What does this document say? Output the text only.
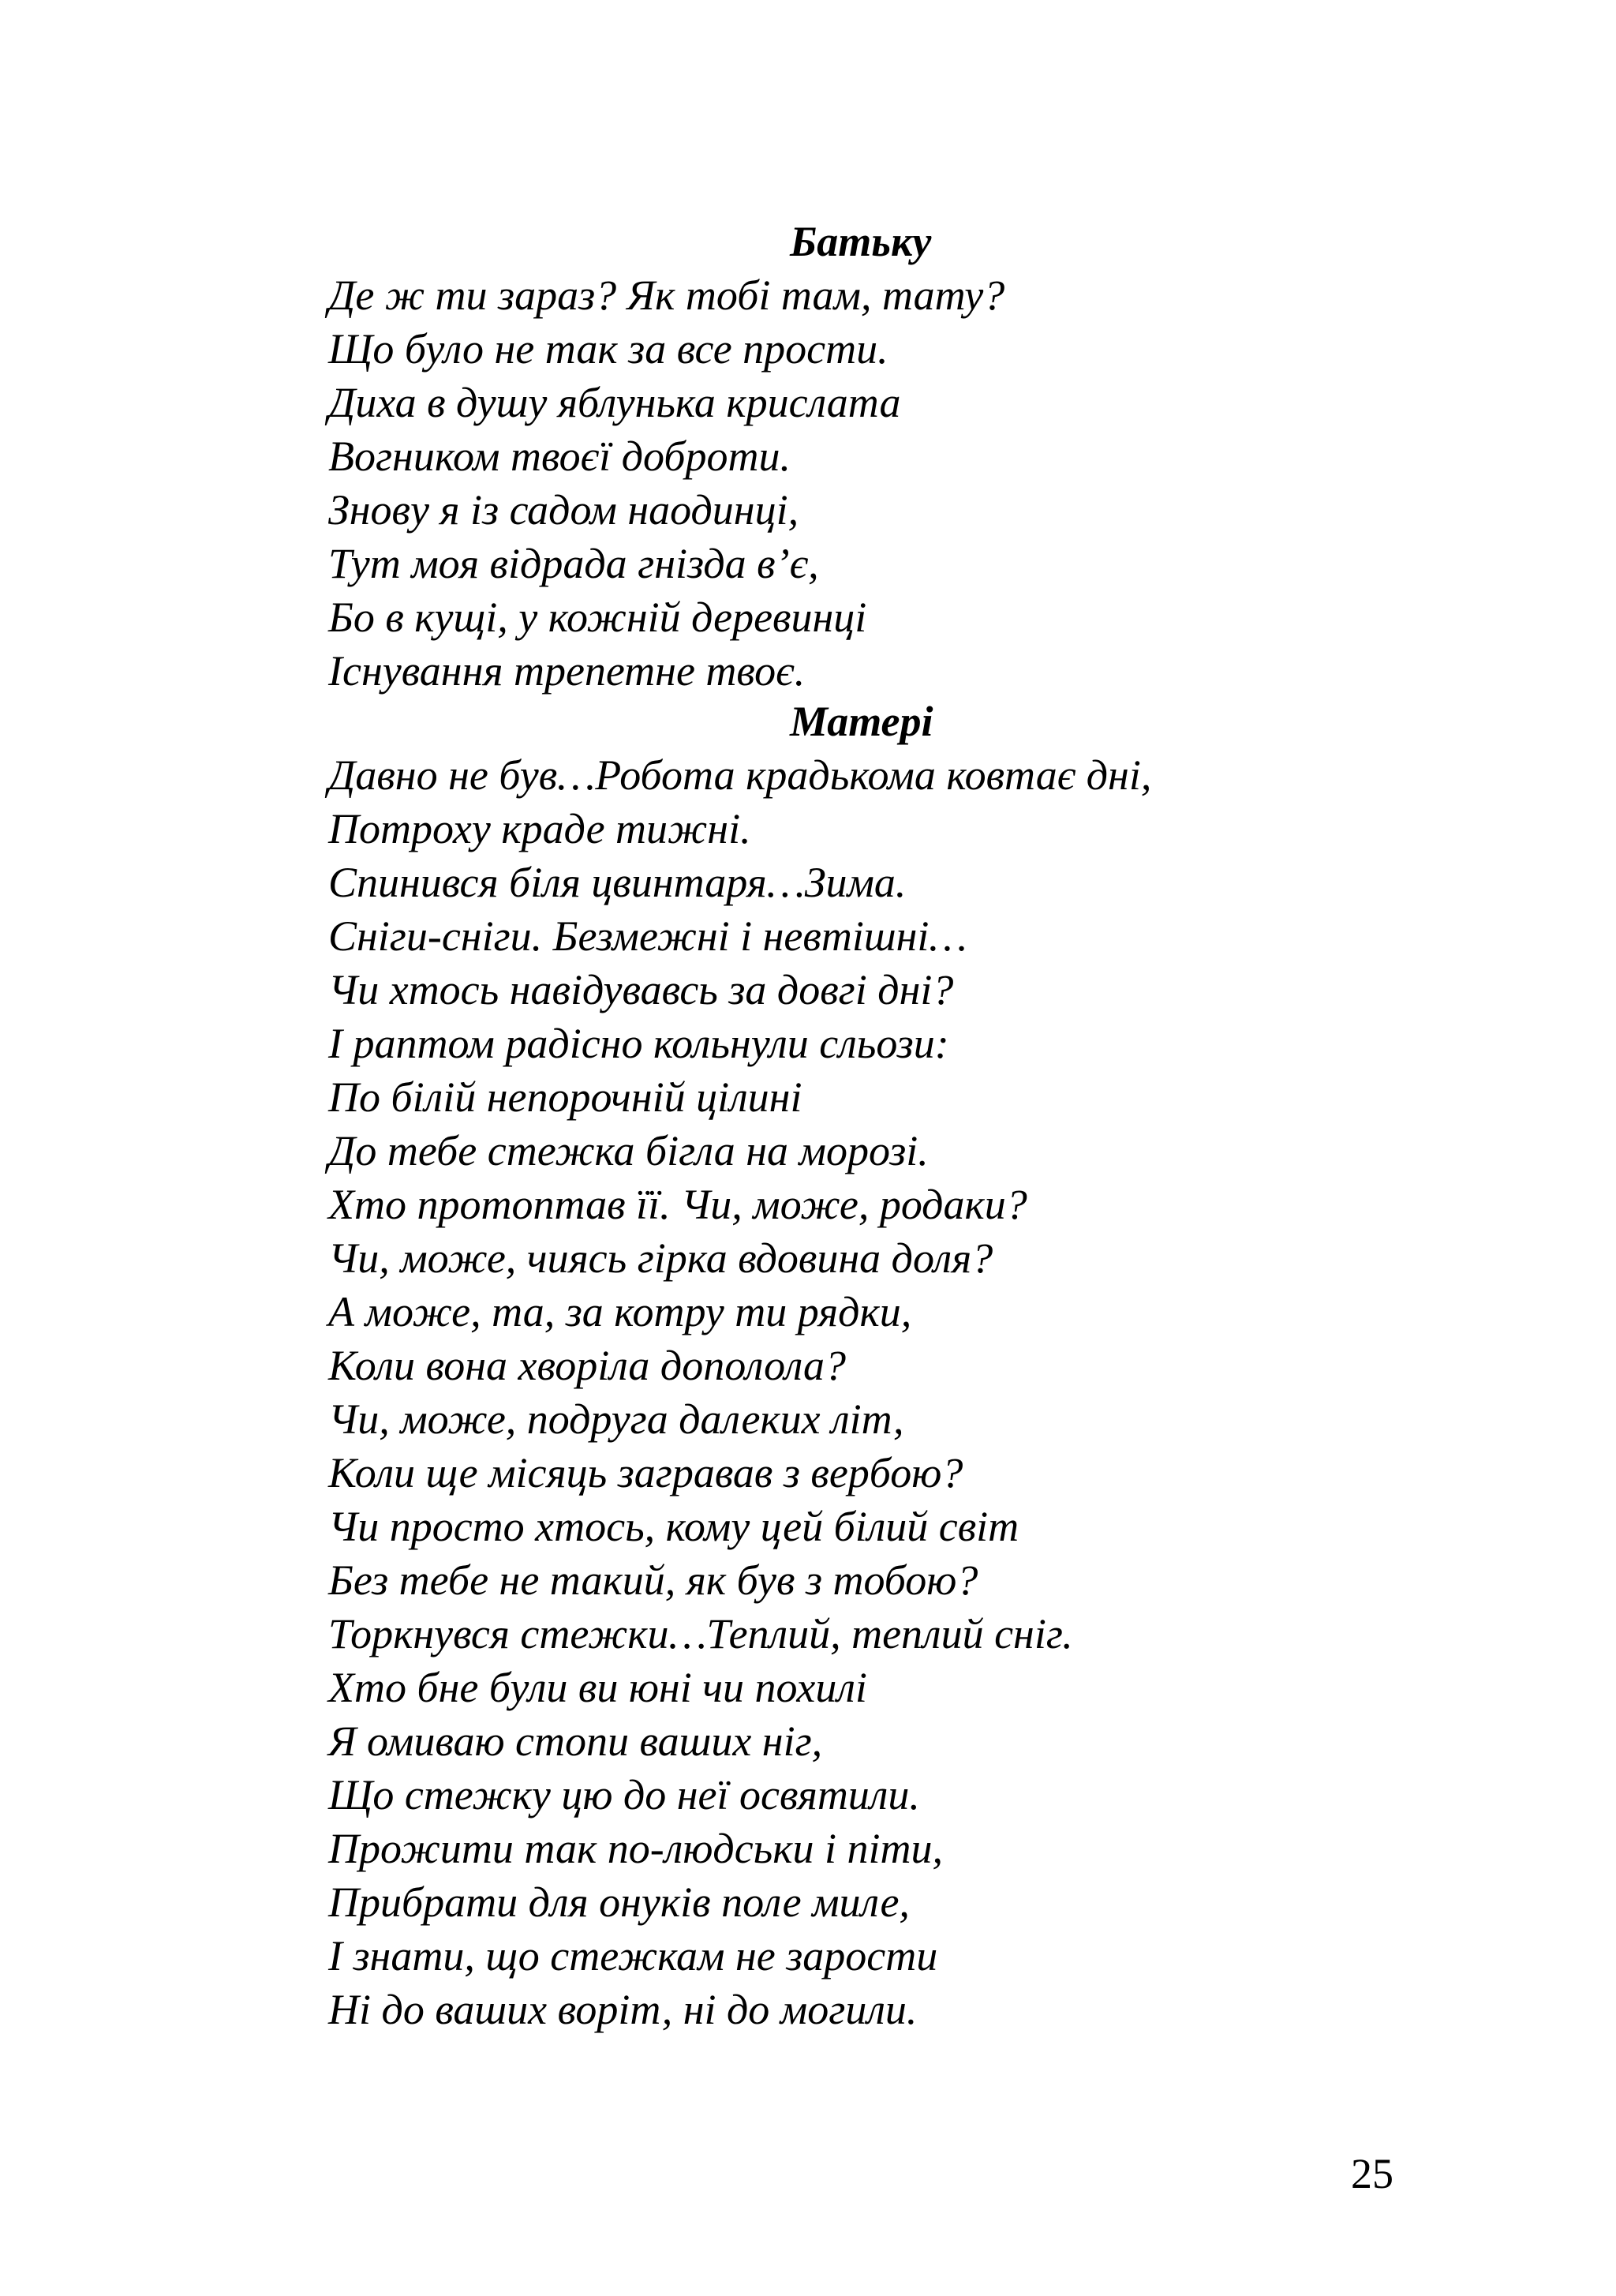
Батьку
Де ж ти зараз? Як тобі там, тату?
Що було не так за все прости.
Диха в душу яблунька крислата
Вогником твоєї доброти.
Знову я із садом наодинці,
Тут моя відрада гнізда в’є,
Бо в кущі, у кожній деревинці
Існування трепетне твоє.
Матері
Давно не був…Робота крадькома ковтає дні,
Потроху краде тижні.
Спинився біля цвинтаря…Зима.
Сніги-сніги. Безмежні і невтішні…
Чи хтось навідувавсь за довгі дні?
І раптом радісно кольнули сльози:
По білій непорочній цілині
До тебе стежка бігла на морозі.
Хто протоптав її. Чи, може, родаки?
Чи, може, чиясь гірка вдовина доля?
А може, та, за котру ти рядки,
Коли вона хворіла дополола?
Чи, може, подруга далеких літ,
Коли ще місяць загравав з вербою?
Чи просто хтось, кому цей білий світ
Без тебе не такий, як був з тобою?
Торкнувся стежки…Теплий, теплий сніг.
Хто бне були ви юні чи похилі
Я омиваю стопи ваших ніг,
Що стежку цю до неї освятили.
Прожити так по-людськи і піти,
Прибрати для онуків поле миле,
І знати, що стежкам не зарости
Ні до ваших воріт, ні до могили.
25
